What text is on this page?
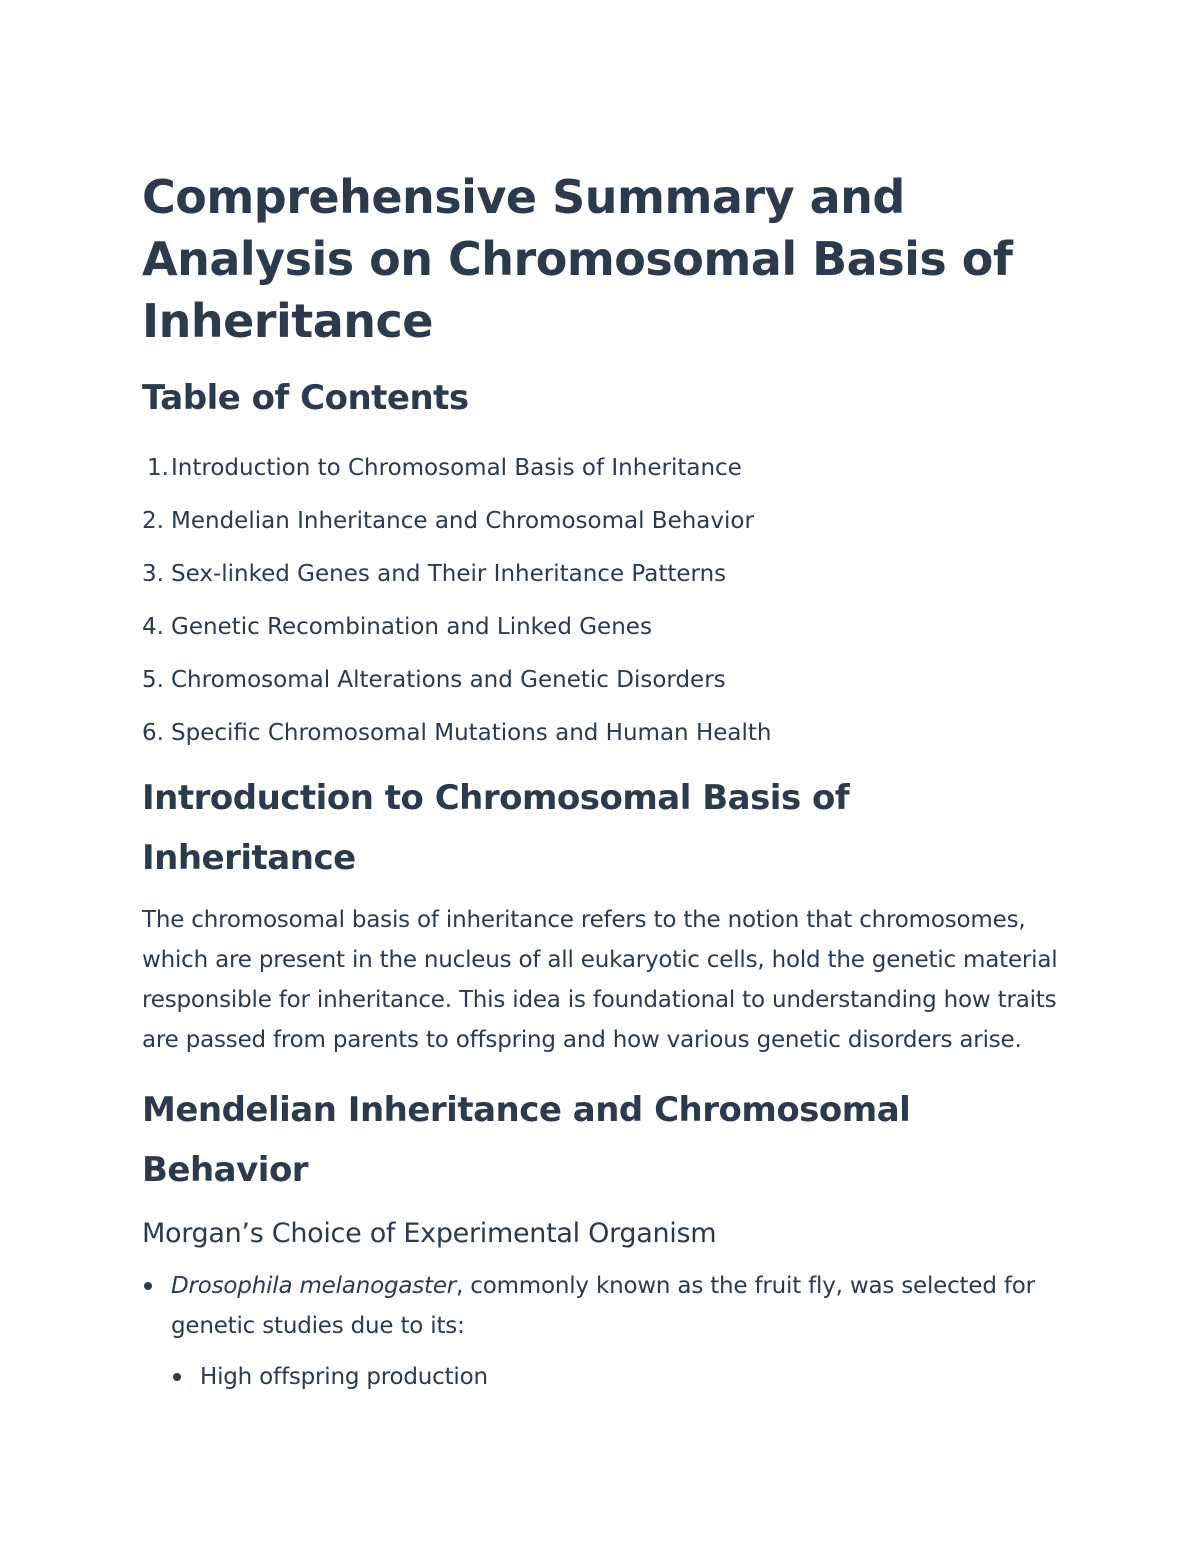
Comprehensive Summary and Analysis on Chromosomal Basis of Inheritance
Table of Contents
1. Introduction to Chromosomal Basis of Inheritance
2. Mendelian Inheritance and Chromosomal Behavior
3. Sex-linked Genes and Their Inheritance Patterns
4. Genetic Recombination and Linked Genes
5. Chromosomal Alterations and Genetic Disorders
6. Specific Chromosomal Mutations and Human Health
Introduction to Chromosomal Basis of Inheritance

The chromosomal basis of inheritance refers to the notion that chromosomes, which are present in the nucleus of all eukaryotic cells, hold the genetic material responsible for inheritance. This idea is foundational to understanding how traits are passed from parents to offspring and how various genetic disorders arise.

Mendelian Inheritance and Chromosomal Behavior
Morgan’s Choice of Experimental Organism
Drosophila melanogaster, commonly known as the fruit fly, was selected for genetic studies due to its:
High offspring production
